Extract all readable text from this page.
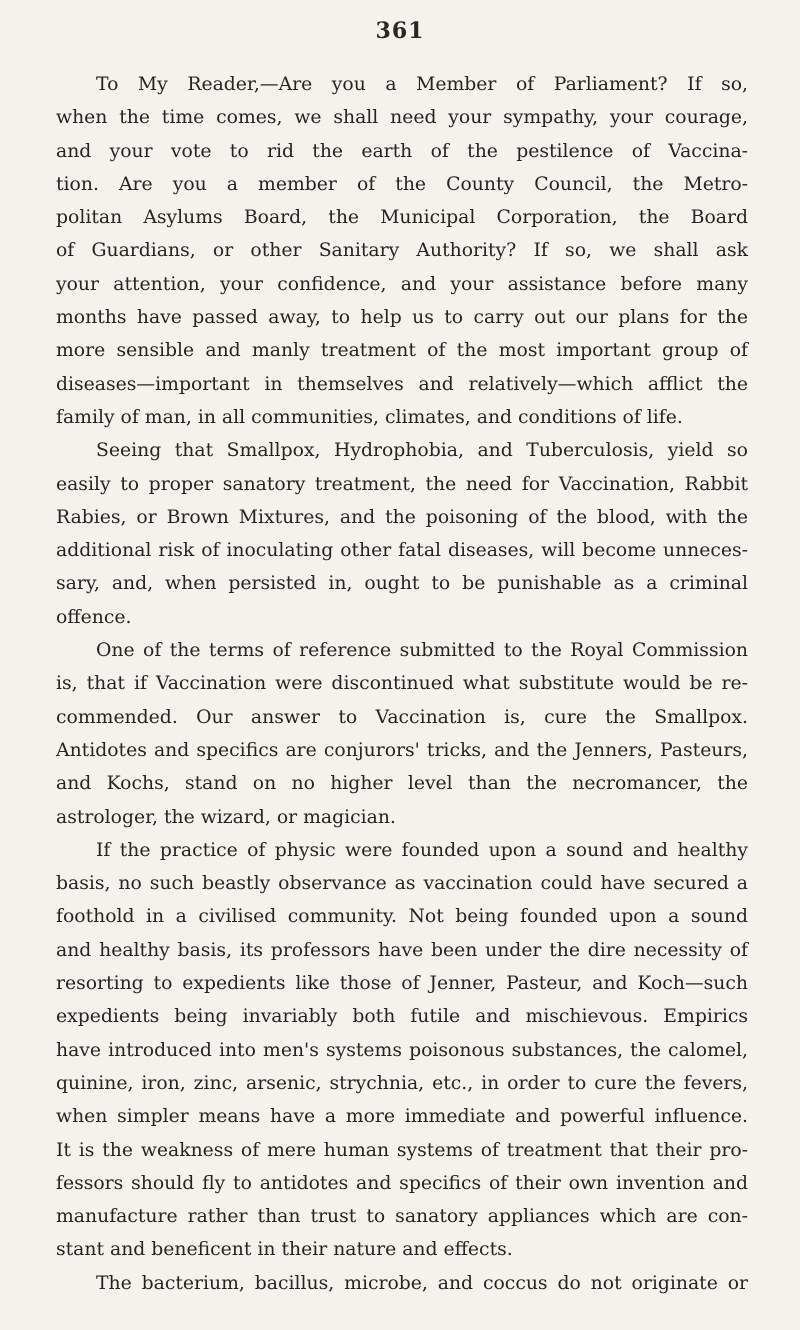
361
To My Reader,—Are you a Member of Parliament? If so,
when the time comes, we shall need your sympathy, your courage,
and your vote to rid the earth of the pestilence of Vaccina-
tion. Are you a member of the County Council, the Metro-
politan Asylums Board, the Municipal Corporation, the Board
of Guardians, or other Sanitary Authority? If so, we shall ask
your attention, your confidence, and your assistance before many
months have passed away, to help us to carry out our plans for the
more sensible and manly treatment of the most important group of
diseases—important in themselves and relatively—which afflict the
family of man, in all communities, climates, and conditions of life.
Seeing that Smallpox, Hydrophobia, and Tuberculosis, yield so
easily to proper sanatory treatment, the need for Vaccination, Rabbit
Rabies, or Brown Mixtures, and the poisoning of the blood, with the
additional risk of inoculating other fatal diseases, will become unneces-
sary, and, when persisted in, ought to be punishable as a criminal
offence.
One of the terms of reference submitted to the Royal Commission
is, that if Vaccination were discontinued what substitute would be re-
commended. Our answer to Vaccination is, cure the Smallpox.
Antidotes and specifics are conjurors' tricks, and the Jenners, Pasteurs,
and Kochs, stand on no higher level than the necromancer, the
astrologer, the wizard, or magician.
If the practice of physic were founded upon a sound and healthy
basis, no such beastly observance as vaccination could have secured a
foothold in a civilised community. Not being founded upon a sound
and healthy basis, its professors have been under the dire necessity of
resorting to expedients like those of Jenner, Pasteur, and Koch—such
expedients being invariably both futile and mischievous. Empirics
have introduced into men's systems poisonous substances, the calomel,
quinine, iron, zinc, arsenic, strychnia, etc., in order to cure the fevers,
when simpler means have a more immediate and powerful influence.
It is the weakness of mere human systems of treatment that their pro-
fessors should fly to antidotes and specifics of their own invention and
manufacture rather than trust to sanatory appliances which are con-
stant and beneficent in their nature and effects.
The bacterium, bacillus, microbe, and coccus do not originate or
